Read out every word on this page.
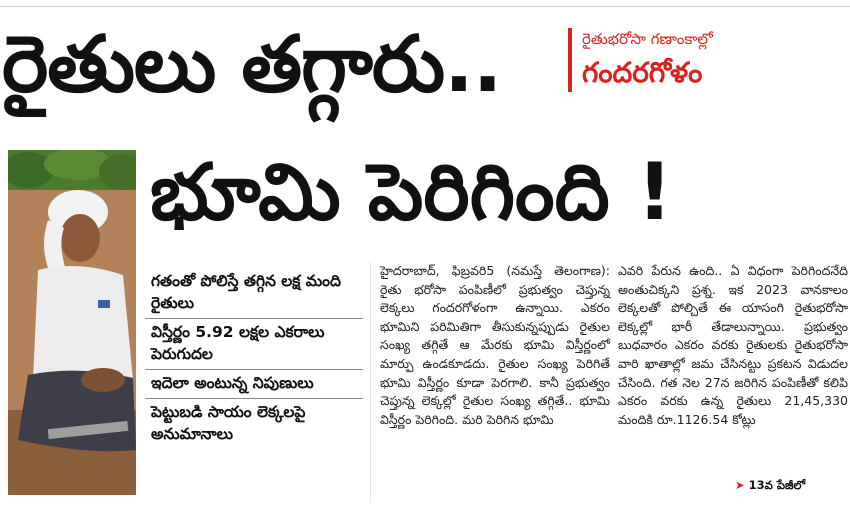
రైతులు తగ్గారు..	రైతుభరోసా గణాంకాల్లో
గందరగోళం
భూమి పెరిగింది !
గతంతో పోలిస్తే తగ్గిన లక్ష మంది రైతులు
విస్తీర్ణం 5.92 లక్షల ఎకరాలు పెరుగుదల
ఇదెలా అంటున్న నిపుణులు
పెట్టుబడి సాయం లెక్కలపై అనుమానాలు
హైదరాబాద్, ఫిబ్రవరి5 (నమస్తే తెలంగాణ): రైతు భరోసా పంపిణీలో ప్రభుత్వం చెప్తున్న లెక్కలు గందరగోళంగా ఉన్నాయి. ఎకరం భూమిని పరిమితిగా తీసుకున్నప్పుడు రైతుల సంఖ్య తగ్గితే ఆ మేరకు భూమి విస్తీర్ణంలో మార్పు ఉండకూడదు. రైతుల సంఖ్య పెరిగితే భూమి విస్తీర్ణం కూడా పెరగాలి. కానీ ప్రభుత్వం చెప్తున్న లెక్కల్లో రైతుల సంఖ్య తగ్గితే.. భూమి విస్తీర్ణం పెరిగింది. మరి పెరిగిన భూమి
ఎవరి పేరున ఉంది.. ఏ విధంగా పెరిగిందనేది అంతుచిక్కని ప్రశ్న. ఇక 2023 వానకాలం లెక్కలతో పోల్చితే ఈ యాసంగి రైతుభరోసా లెక్కల్లో భారీ తేడాలున్నాయి. ప్రభుత్వం బుధవారం ఎకరం వరకు రైతులకు రైతుభరోసా వారి ఖాతాల్లో జమ చేసినట్టు ప్రకటన విడుదల చేసింది. గత నెల 27న జరిగిన పంపిణీతో కలిపి ఎకరం వరకు ఉన్న రైతులు 21,45,330 మందికి రూ.1126.54 కోట్లు
➤ 13వ పేజీలో
